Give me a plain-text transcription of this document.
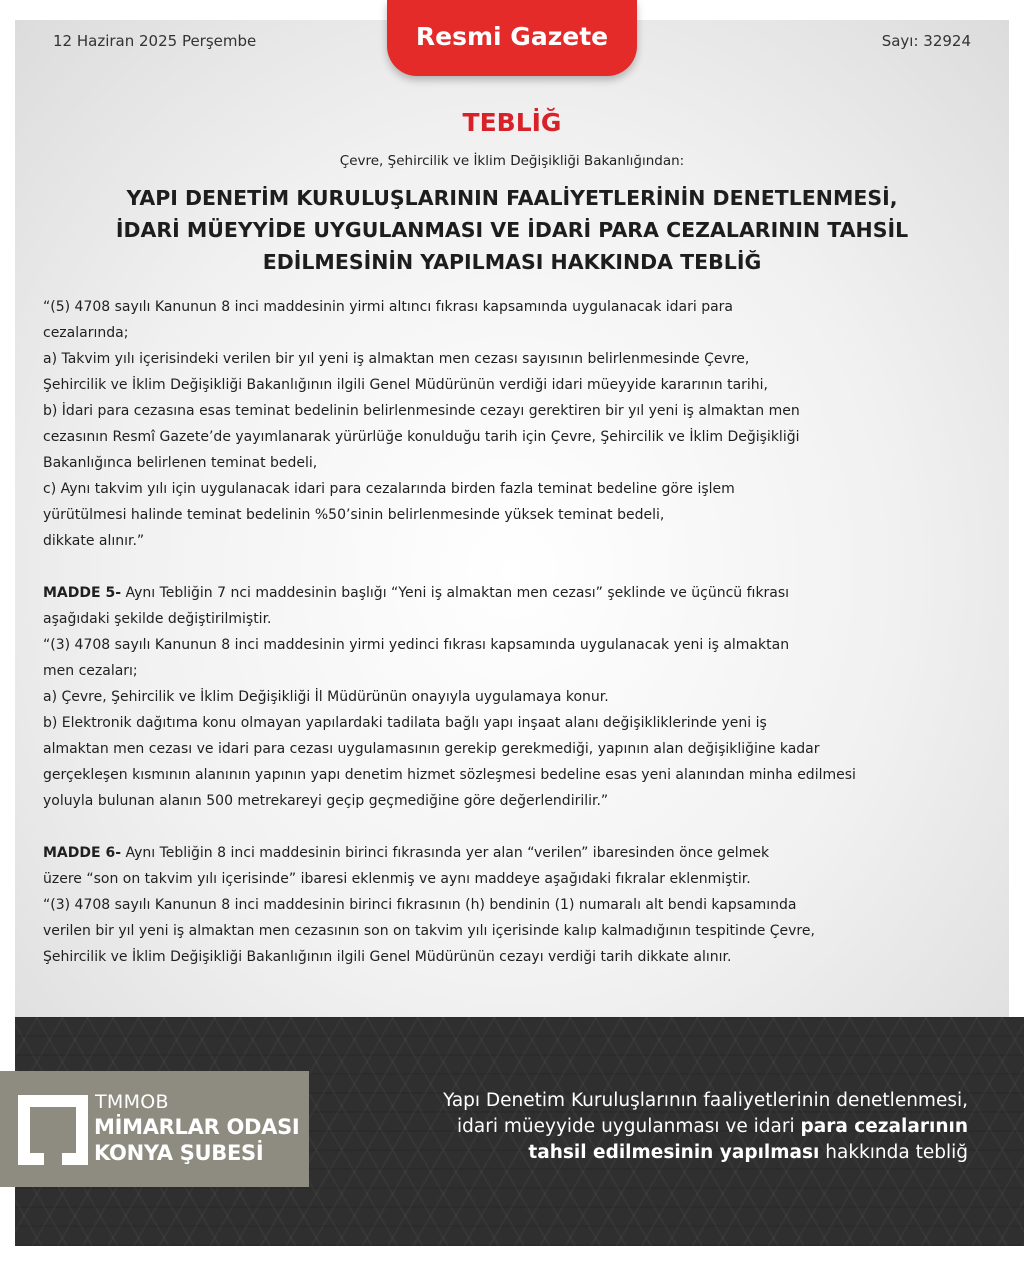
12 Haziran 2025 Perşembe	Resmi Gazete	Sayı: 32924
TEBLİĞ
Çevre, Şehircilik ve İklim Değişikliği Bakanlığından:
YAPI DENETİM KURULUŞLARININ FAALİYETLERİNİN DENETLENMESİ,
İDARİ MÜEYYİDE UYGULANMASI VE İDARİ PARA CEZALARININ TAHSİL
EDİLMESİNİN YAPILMASI HAKKINDA TEBLİĞ
“(5) 4708 sayılı Kanunun 8 inci maddesinin yirmi altıncı fıkrası kapsamında uygulanacak idari para
cezalarında;
a) Takvim yılı içerisindeki verilen bir yıl yeni iş almaktan men cezası sayısının belirlenmesinde Çevre,
Şehircilik ve İklim Değişikliği Bakanlığının ilgili Genel Müdürünün verdiği idari müeyyide kararının tarihi,
b) İdari para cezasına esas teminat bedelinin belirlenmesinde cezayı gerektiren bir yıl yeni iş almaktan men
cezasının Resmî Gazete’de yayımlanarak yürürlüğe konulduğu tarih için Çevre, Şehircilik ve İklim Değişikliği
Bakanlığınca belirlenen teminat bedeli,
c) Aynı takvim yılı için uygulanacak idari para cezalarında birden fazla teminat bedeline göre işlem
yürütülmesi halinde teminat bedelinin %50’sinin belirlenmesinde yüksek teminat bedeli,
dikkate alınır.”
MADDE 5- Aynı Tebliğin 7 nci maddesinin başlığı “Yeni iş almaktan men cezası” şeklinde ve üçüncü fıkrası
aşağıdaki şekilde değiştirilmiştir.
“(3) 4708 sayılı Kanunun 8 inci maddesinin yirmi yedinci fıkrası kapsamında uygulanacak yeni iş almaktan
men cezaları;
a) Çevre, Şehircilik ve İklim Değişikliği İl Müdürünün onayıyla uygulamaya konur.
b) Elektronik dağıtıma konu olmayan yapılardaki tadilata bağlı yapı inşaat alanı değişikliklerinde yeni iş
almaktan men cezası ve idari para cezası uygulamasının gerekip gerekmediği, yapının alan değişikliğine kadar
gerçekleşen kısmının alanının yapının yapı denetim hizmet sözleşmesi bedeline esas yeni alanından minha edilmesi
yoluyla bulunan alanın 500 metrekareyi geçip geçmediğine göre değerlendirilir.”
MADDE 6- Aynı Tebliğin 8 inci maddesinin birinci fıkrasında yer alan “verilen” ibaresinden önce gelmek
üzere “son on takvim yılı içerisinde” ibaresi eklenmiş ve aynı maddeye aşağıdaki fıkralar eklenmiştir.
“(3) 4708 sayılı Kanunun 8 inci maddesinin birinci fıkrasının (h) bendinin (1) numaralı alt bendi kapsamında
verilen bir yıl yeni iş almaktan men cezasının son on takvim yılı içerisinde kalıp kalmadığının tespitinde Çevre,
Şehircilik ve İklim Değişikliği Bakanlığının ilgili Genel Müdürünün cezayı verdiği tarih dikkate alınır.
TMMOB
MİMARLAR ODASI
KONYA ŞUBESİ
Yapı Denetim Kuruluşlarının faaliyetlerinin denetlenmesi,
idari müeyyide uygulanması ve idari para cezalarının
tahsil edilmesinin yapılması hakkında tebliğ
